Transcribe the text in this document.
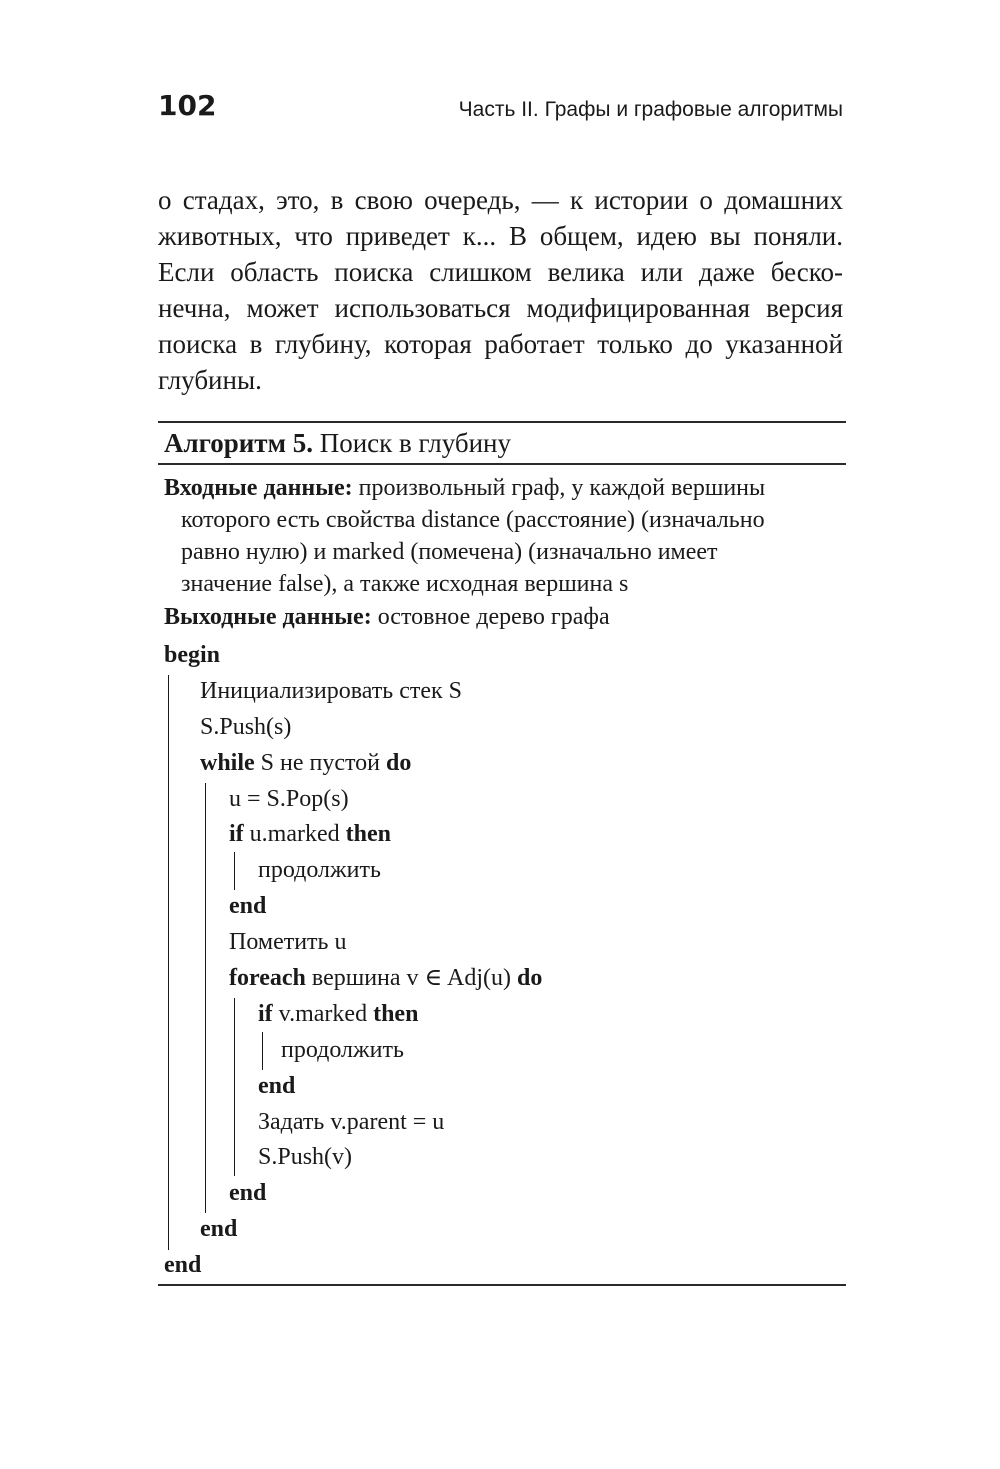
102	Часть II. Графы и графовые алгоритмы
о стадах, это, в свою очередь, — к истории о домашних
животных, что приведет к... В общем, идею вы поняли.
Если область поиска слишком велика или даже беско-
нечна, может использоваться модифицированная версия
поиска в глубину, которая работает только до указанной
глубины.
Алгоритм 5. Поиск в глубину
Входные данные: произвольный граф, у каждой вершины
которого есть свойства distance (расстояние) (изначально
равно нулю) и marked (помечена) (изначально имеет
значение false), а также исходная вершина s
Выходные данные: остовное дерево графа
begin
Инициализировать стек S
S.Push(s)
while S не пустой do
u = S.Pop(s)
if u.marked then
продолжить
end
Пометить u
foreach вершина v ∈ Adj(u) do
if v.marked then
продолжить
end
Задать v.parent = u
S.Push(v)
end
end
end
